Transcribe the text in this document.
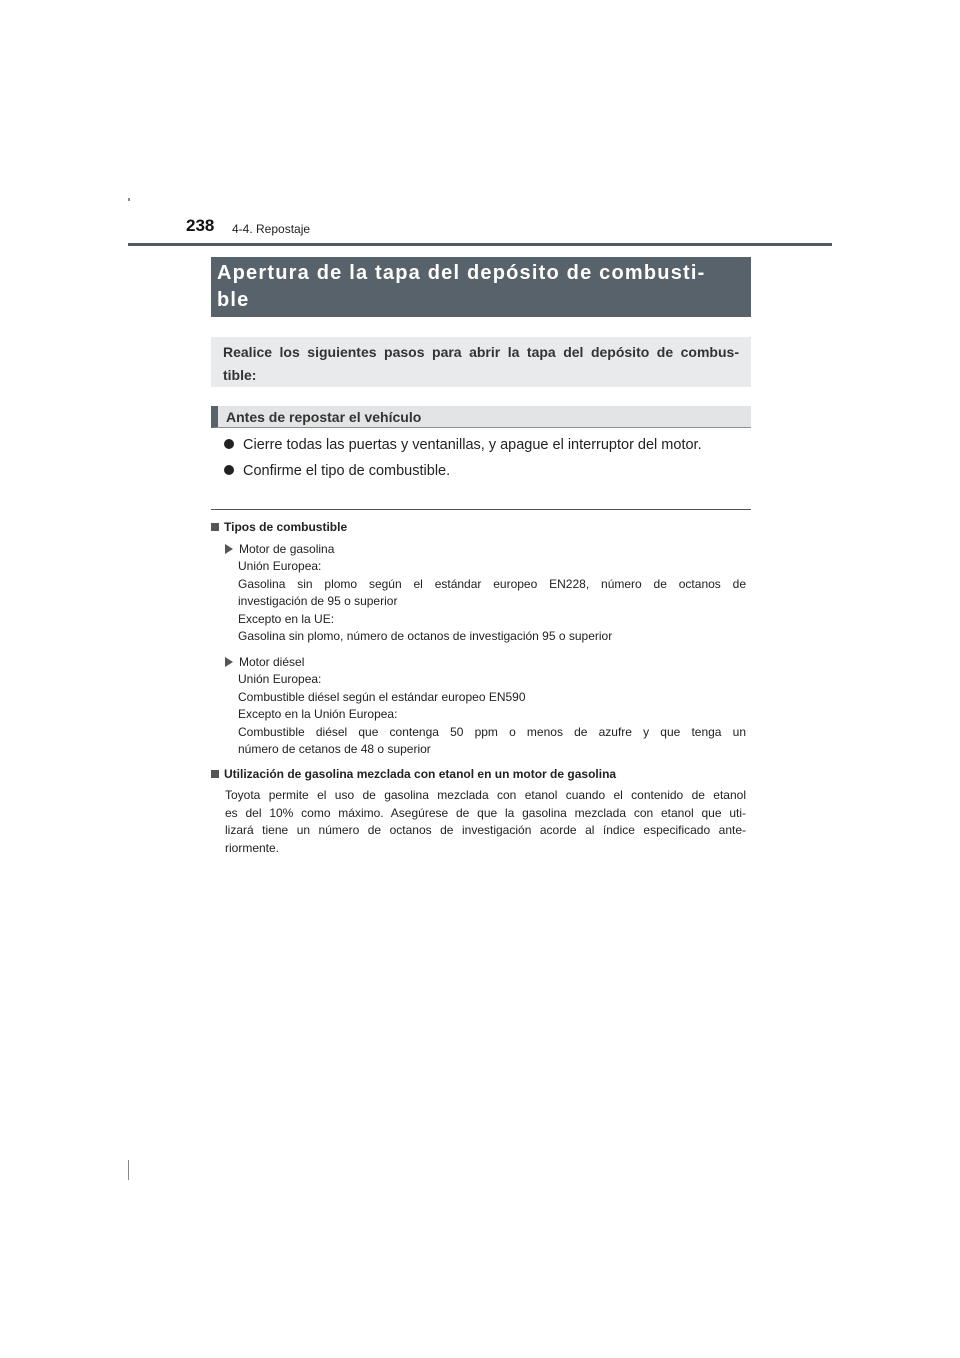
238 4-4. Repostaje
Apertura de la tapa del depósito de combusti-
ble
Realice los siguientes pasos para abrir la tapa del depósito de combus-
tible:
Antes de repostar el vehículo
Cierre todas las puertas y ventanillas, y apague el interruptor del motor.
Confirme el tipo de combustible.
Tipos de combustible
Motor de gasolina
Unión Europea:
Gasolina sin plomo según el estándar europeo EN228, número de octanos de
investigación de 95 o superior
Excepto en la UE:
Gasolina sin plomo, número de octanos de investigación 95 o superior
Motor diésel
Unión Europea:
Combustible diésel según el estándar europeo EN590
Excepto en la Unión Europea:
Combustible diésel que contenga 50 ppm o menos de azufre y que tenga un
número de cetanos de 48 o superior
Utilización de gasolina mezclada con etanol en un motor de gasolina
Toyota permite el uso de gasolina mezclada con etanol cuando el contenido de etanol
es del 10% como máximo. Asegúrese de que la gasolina mezclada con etanol que uti-
lizará tiene un número de octanos de investigación acorde al índice especificado ante-
riormente.
